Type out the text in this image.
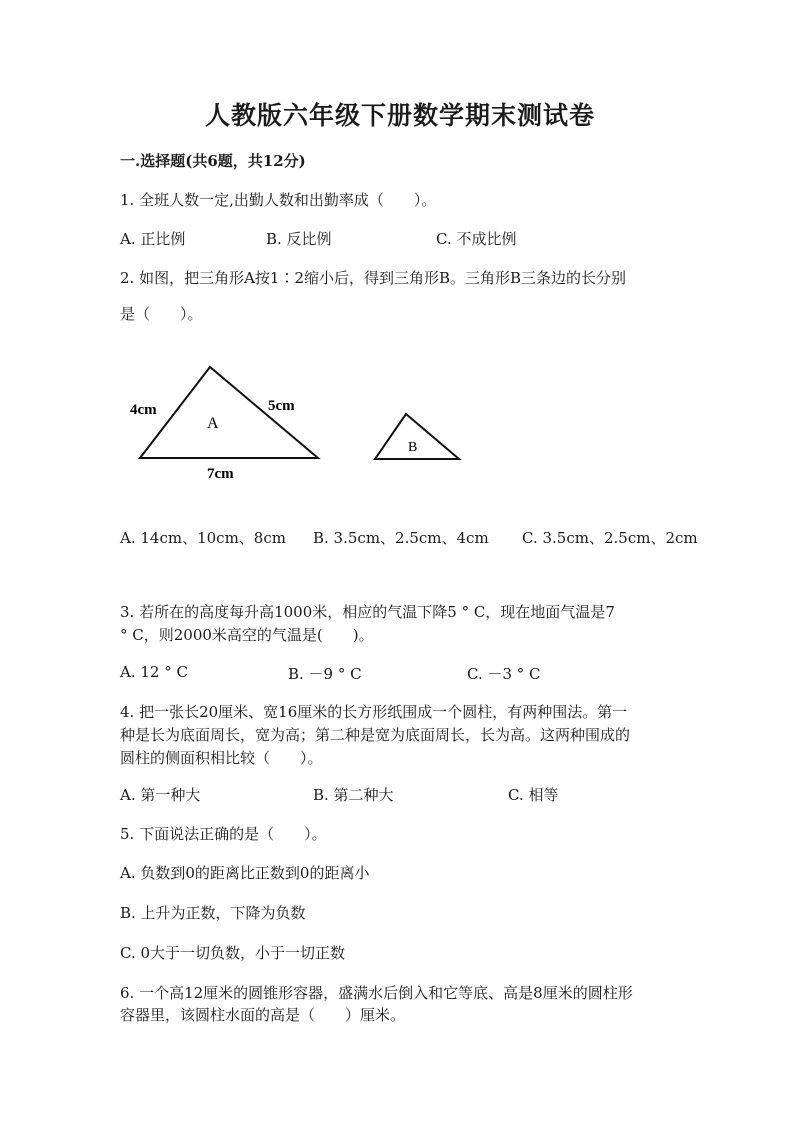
人教版六年级下册数学期末测试卷
一.选择题(共6题，共12分)
1. 全班人数一定,出勤人数和出勤率成（　　）。
A. 正比例	B. 反比例	C. 不成比例
2. 如图，把三角形A按1∶2缩小后，得到三角形B。三角形B三条边的长分别
是（　　）。
4cm	5cm
7cm
A
B
A. 14cm、10cm、8cm B. 3.5cm、2.5cm、4cm C. 3.5cm、2.5cm、2cm
3. 若所在的高度每升高1000米，相应的气温下降5 ° C，现在地面气温是7
° C，则2000米高空的气温是(　　)。
A. 12 ° C	B. －9 ° C	C. －3 ° C
4. 把一张长20厘米、宽16厘米的长方形纸围成一个圆柱，有两种围法。第一
种是长为底面周长，宽为高；第二种是宽为底面周长，长为高。这两种围成的
圆柱的侧面积相比较（　　）。
A. 第一种大	B. 第二种大	C. 相等
5. 下面说法正确的是（　　）。
A. 负数到0的距离比正数到0的距离小
B. 上升为正数，下降为负数
C. 0大于一切负数，小于一切正数
6. 一个高12厘米的圆锥形容器，盛满水后倒入和它等底、高是8厘米的圆柱形
容器里，该圆柱水面的高是（　　）厘米。
